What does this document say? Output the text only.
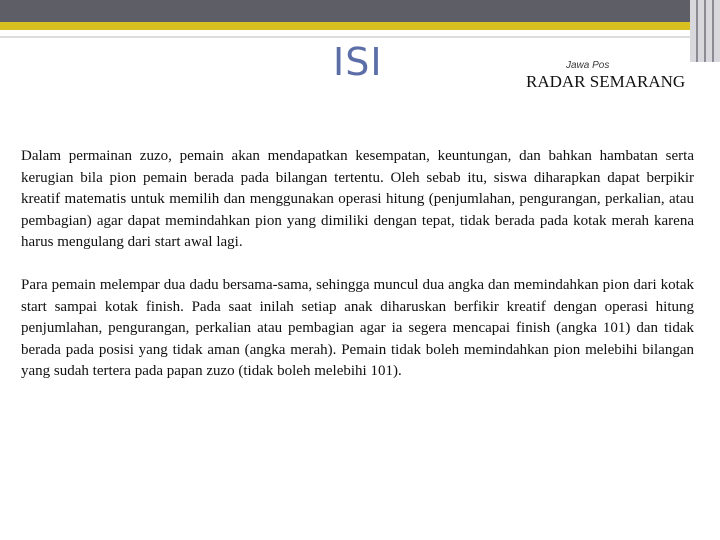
ISI	Jawa Pos
RADAR SEMARANG

Dalam permainan zuzo, pemain akan mendapatkan kesempatan, keuntungan, dan bahkan hambatan serta kerugian bila pion pemain berada pada bilangan tertentu. Oleh sebab itu, siswa diharapkan dapat berpikir kreatif matematis untuk memilih dan menggunakan operasi hitung (penjumlahan, pengurangan, perkalian, atau pembagian) agar dapat memindahkan pion yang dimiliki dengan tepat, tidak berada pada kotak merah karena harus mengulang dari start awal lagi.

Para pemain melempar dua dadu bersama-sama, sehingga muncul dua angka dan memindahkan pion dari kotak start sampai kotak finish. Pada saat inilah setiap anak diharuskan berfikir kreatif dengan operasi hitung penjumlahan, pengurangan, perkalian atau pembagian agar ia segera mencapai finish (angka 101) dan tidak berada pada posisi yang tidak aman (angka merah). Pemain tidak boleh memindahkan pion melebihi bilangan yang sudah tertera pada papan zuzo (tidak boleh melebihi 101).
